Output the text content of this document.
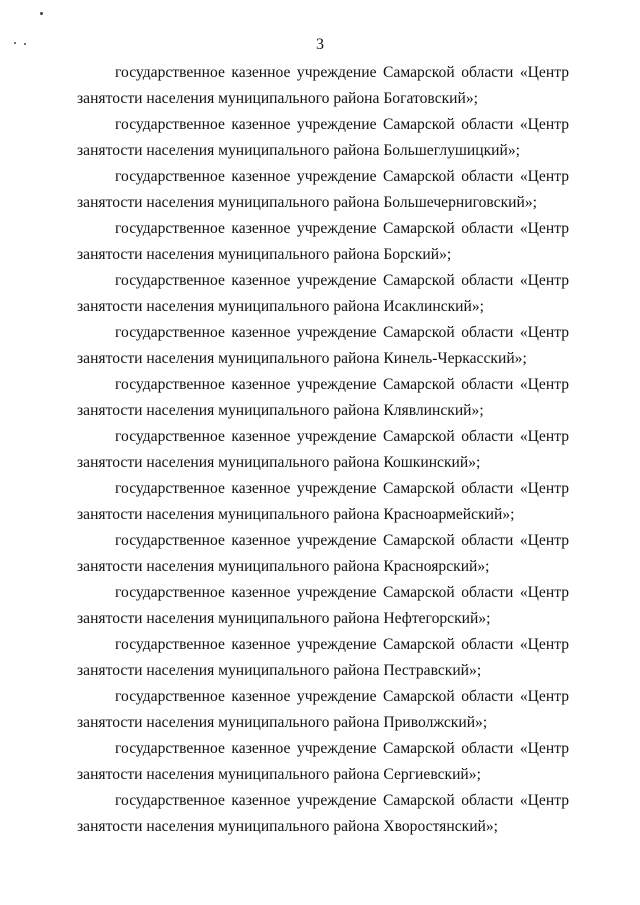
3

государственное казенное учреждение Самарской области «Центр
занятости населения муниципального района Богатовский»;

государственное казенное учреждение Самарской области «Центр
занятости населения муниципального района Большеглушицкий»;

государственное казенное учреждение Самарской области «Центр
занятости населения муниципального района Большечерниговский»;

государственное казенное учреждение Самарской области «Центр
занятости населения муниципального района Борский»;

государственное казенное учреждение Самарской области «Центр
занятости населения муниципального района Исаклинский»;

государственное казенное учреждение Самарской области «Центр
занятости населения муниципального района Кинель-Черкасский»;

государственное казенное учреждение Самарской области «Центр
занятости населения муниципального района Клявлинский»;

государственное казенное учреждение Самарской области «Центр
занятости населения муниципального района Кошкинский»;

государственное казенное учреждение Самарской области «Центр
занятости населения муниципального района Красноармейский»;

государственное казенное учреждение Самарской области «Центр
занятости населения муниципального района Красноярский»;

государственное казенное учреждение Самарской области «Центр
занятости населения муниципального района Нефтегорский»;

государственное казенное учреждение Самарской области «Центр
занятости населения муниципального района Пестравский»;

государственное казенное учреждение Самарской области «Центр
занятости населения муниципального района Приволжский»;

государственное казенное учреждение Самарской области «Центр
занятости населения муниципального района Сергиевский»;

государственное казенное учреждение Самарской области «Центр
занятости населения муниципального района Хворостянский»;
